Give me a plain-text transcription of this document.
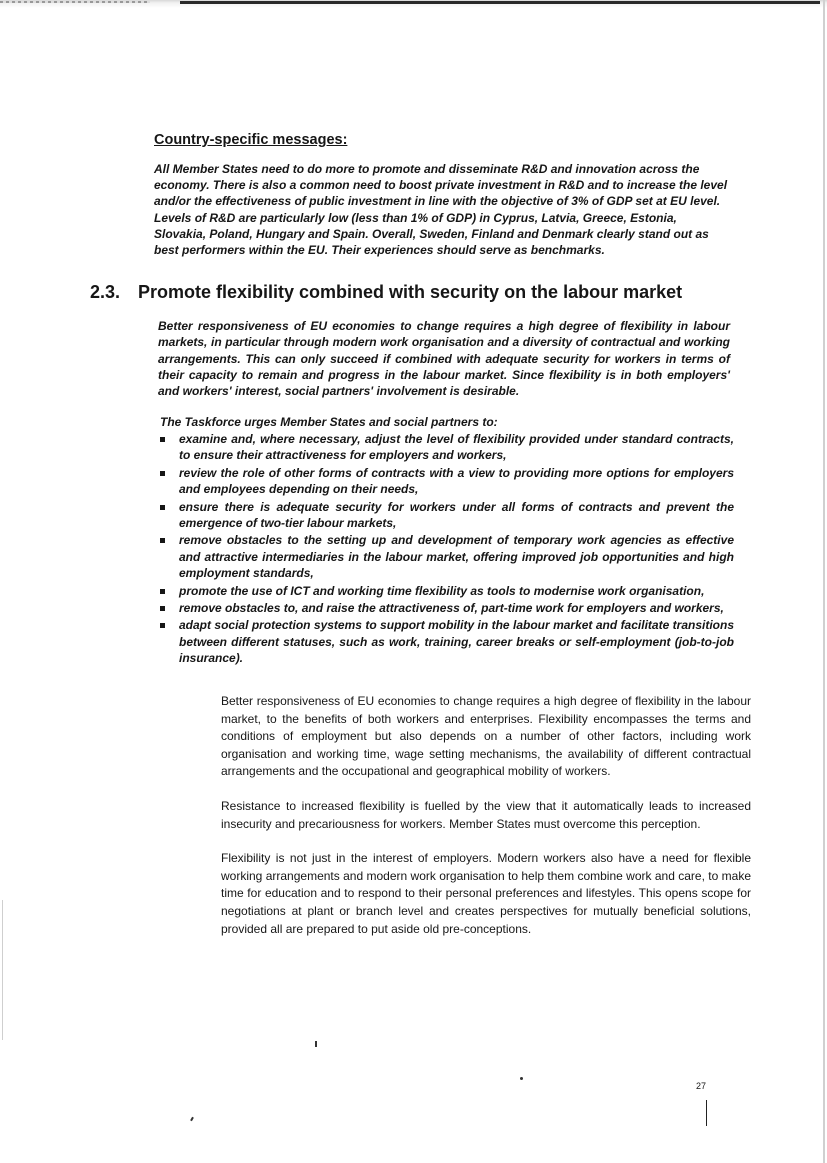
Country-specific messages:

All Member States need to do more to promote and disseminate R&D and innovation across the economy. There is also a common need to boost private investment in R&D and to increase the level and/or the effectiveness of public investment in line with the objective of 3% of GDP set at EU level. Levels of R&D are particularly low (less than 1% of GDP) in Cyprus, Latvia, Greece, Estonia, Slovakia, Poland, Hungary and Spain. Overall, Sweden, Finland and Denmark clearly stand out as best performers within the EU. Their experiences should serve as benchmarks.

2.3. Promote flexibility combined with security on the labour market

Better responsiveness of EU economies to change requires a high degree of flexibility in labour markets, in particular through modern work organisation and a diversity of contractual and working arrangements. This can only succeed if combined with adequate security for workers in terms of their capacity to remain and progress in the labour market. Since flexibility is in both employers' and workers' interest, social partners' involvement is desirable.

The Taskforce urges Member States and social partners to:

examine and, where necessary, adjust the level of flexibility provided under standard contracts, to ensure their attractiveness for employers and workers,
review the role of other forms of contracts with a view to providing more options for employers and employees depending on their needs,
ensure there is adequate security for workers under all forms of contracts and prevent the emergence of two-tier labour markets,
remove obstacles to the setting up and development of temporary work agencies as effective and attractive intermediaries in the labour market, offering improved job opportunities and high employment standards,
promote the use of ICT and working time flexibility as tools to modernise work organisation,
remove obstacles to, and raise the attractiveness of, part-time work for employers and workers,
adapt social protection systems to support mobility in the labour market and facilitate transitions between different statuses, such as work, training, career breaks or self-employment (job-to-job insurance).

Better responsiveness of EU economies to change requires a high degree of flexibility in the labour market, to the benefits of both workers and enterprises. Flexibility encompasses the terms and conditions of employment but also depends on a number of other factors, including work organisation and working time, wage setting mechanisms, the availability of different contractual arrangements and the occupational and geographical mobility of workers.

Resistance to increased flexibility is fuelled by the view that it automatically leads to increased insecurity and precariousness for workers. Member States must overcome this perception.

Flexibility is not just in the interest of employers. Modern workers also have a need for flexible working arrangements and modern work organisation to help them combine work and care, to make time for education and to respond to their personal preferences and lifestyles. This opens scope for negotiations at plant or branch level and creates perspectives for mutually beneficial solutions, provided all are prepared to put aside old pre-conceptions.

27
